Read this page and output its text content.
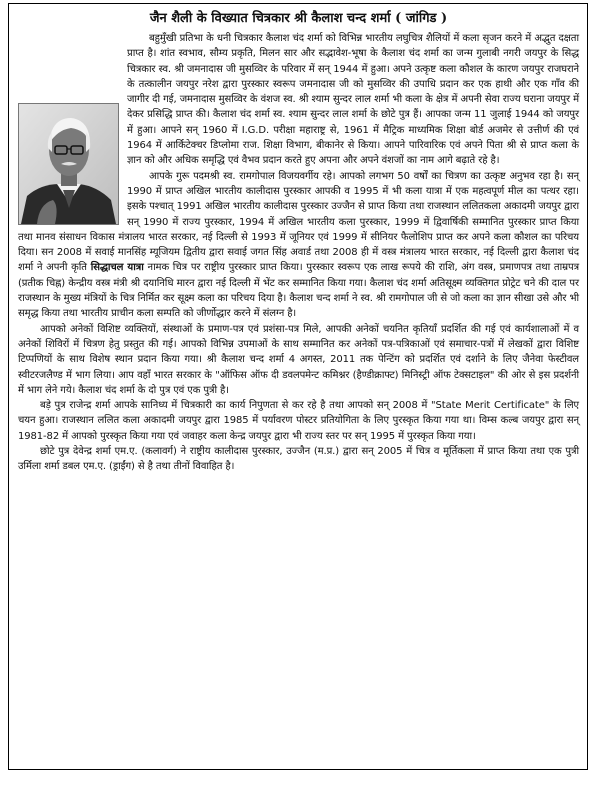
जैन शैली के विख्यात चित्रकार श्री कैलाश चन्द शर्मा ( जांगिड )

बहुमुँखी प्रतिभा के धनी चित्रकार कैलाश चंद शर्मा को विभिन्न भारतीय लघुचित्र शैलियों में कला सृजन करने में अद्भुत दक्षता प्राप्त है। शांत स्वभाव, सौम्य प्रकृति, मिलन सार और सद्भावेश-भूषा के कैलाश चंद शर्मा का जन्म गुलाबी नगरी जयपुर के सिद्ध चित्रकार स्व. श्री जमनादास जी मुसव्विर के परिवार में सन् 1944 में हुआ। अपने उत्कृष्ट कला कौशल के कारण जयपुर राजघराने के तत्कालीन जयपुर नरेश द्वारा पुरस्कार स्वरूप जमनादास जी को मुसव्विर की उपाधि प्रदान कर एक हाथी और एक गाँव की जागीर दी गई, जमनादास मुसव्विर के वंशज स्व. श्री श्याम सुन्दर लाल शर्मा भी कला के क्षेत्र में अपनी सेवा राज्य घराना जयपुर में देकर प्रसिद्धि प्राप्त की। कैलाश चंद शर्मा स्व. श्याम सुन्दर लाल शर्मा के छोटे पुत्र हैं। आपका जन्म 11 जुलाई 1944 को जयपुर में हुआ। आपने सन् 1960 में I.G.D. परीक्षा महाराष्ट्र से, 1961 में मैट्रिक माध्यमिक शिक्षा बोर्ड अजमेर से उत्तीर्ण की एवं 1964 में आर्किटेक्चर डिप्लोमा राज. शिक्षा विभाग, बीकानेर से किया। आपने पारिवारिक एवं अपने पिता श्री से प्राप्त कला के ज्ञान को और अधिक समृद्धि एवं वैभव प्रदान करते हुए अपना और अपने वंशजों का नाम आगे बढ़ाते रहे है।

आपके गुरू पदमश्री स्व. रामगोपाल विजयवर्गीय रहे। आपको लगभग 50 वर्षों का चित्रण का उत्कृष्ट अनुभव रहा है। सन् 1990 में प्राप्त अखिल भारतीय कालीदास पुरस्कार आपकी व 1995 में भी कला यात्रा में एक महत्वपूर्ण मील का पत्थर रहा। इसके पश्चात् 1991 अखिल भारतीय कालीदास पुरस्कार उज्जैन से प्राप्त किया तथा राजस्थान ललितकला अकादमी जयपुर द्वारा सन् 1990 में राज्य पुरस्कार, 1994 में अखिल भारतीय कला पुरस्कार, 1999 में द्विवार्षिकी सम्मानित पुरस्कार प्राप्त किया तथा मानव संसाधन विकास मंत्रालय भारत सरकार, नई दिल्ली से 1993 में जूनियर एवं 1999 में सीनियर फैलोशिप प्राप्त कर अपने कला कौशल का परिचय दिया। सन 2008 में सवाई मानसिंह म्यूजियम द्वितीय द्वारा सवाई जगत सिंह अवार्ड तथा 2008 ही में वस्त्र मंत्रालय भारत सरकार, नई दिल्ली द्वारा कैलाश चंद शर्मा ने अपनी कृति सिद्धाचल यात्रा नामक चित्र पर राष्ट्रीय पुरस्कार प्राप्त किया। पुरस्कार स्वरूप एक लाख रूपये की राशि, अंग वस्त्र, प्रमाणपत्र तथा ताम्रपत्र (प्रतीक चिह्न) केन्द्रीय वस्त्र मंत्री श्री दयानिधि मारन द्वारा नई दिल्ली में भेंट कर सम्मानित किया गया। कैलाश चंद शर्मा अतिसूक्ष्म व्यक्तिगत प्रोट्रेट चने की दाल पर राजस्थान के मुख्य मंत्रियों के चित्र निर्मित कर सूक्ष्म कला का परिचय दिया है। कैलाश चन्द शर्मा ने स्व. श्री रामगोपाल जी से जो कला का ज्ञान सीखा उसे और भी समृद्ध किया तथा भारतीय प्राचीन कला सम्पति को जीर्णोद्धार करने में संलग्न है।

आपको अनेकों विशिष्ट व्यक्तियों, संस्थाओं के प्रमाण-पत्र एवं प्रशंसा-पत्र मिले, आपकी अनेकों चयनित कृतियाँ प्रदर्शित की गई एवं कार्यशालाओं में व अनेकों शिविरों में चित्रण हेतु प्रस्तुत की गई। आपको विभिन्न उपमाओं के साथ सम्मानित कर अनेकों पत्र-पत्रिकाओं एवं समाचार-पत्रों में लेखकों द्वारा विशिष्ट टिप्पणियों के साथ विशेष स्थान प्रदान किया गया। श्री कैलाश चन्द शर्मा 4 अगस्त, 2011 तक पेन्टिंग को प्रदर्शित एवं दर्शाने के लिए जैनेवा फेस्टीवल स्वीटरजलैण्ड में भाग लिया। आप वहाँ भारत सरकार के "ऑफिस ऑफ दी डवलपमेन्ट कमिश्नर (हैण्डीक्राफ्ट) मिनिस्ट्री ऑफ टेक्सटाइल" की ओर से इस प्रदर्शनी में भाग लेने गये। कैलाश चंद शर्मा के दो पुत्र एवं एक पुत्री है।

बड़े पुत्र राजेन्द्र शर्मा आपके सानिध्य में चित्रकारी का कार्य निपुणता से कर रहे है तथा आपको सन् 2008 में "State Merit Certificate" के लिए चयन हुआ। राजस्थान ललित कला अकादमी जयपुर द्वारा 1985 में पर्यावरण पोस्टर प्रतियोगिता के लिए पुरस्कृत किया गया था। विम्स कल्ब जयपुर द्वारा सन् 1981-82 में आपको पुरस्कृत किया गया एवं जवाहर कला केन्द्र जयपुर द्वारा भी राज्य स्तर पर सन् 1995 में पुरस्कृत किया गया।

छोटे पुत्र देवेन्द्र शर्मा एम.ए. (कलावर्ग) ने राष्ट्रीय कालीदास पुरस्कार, उज्जैन (म.प्र.) द्वारा सन् 2005 में चित्र व मूर्तिकला में प्राप्त किया तथा एक पुत्री उर्मिला शर्मा डबल एम.ए. (ड्राईंग) से है तथा तीनों विवाहित है।
